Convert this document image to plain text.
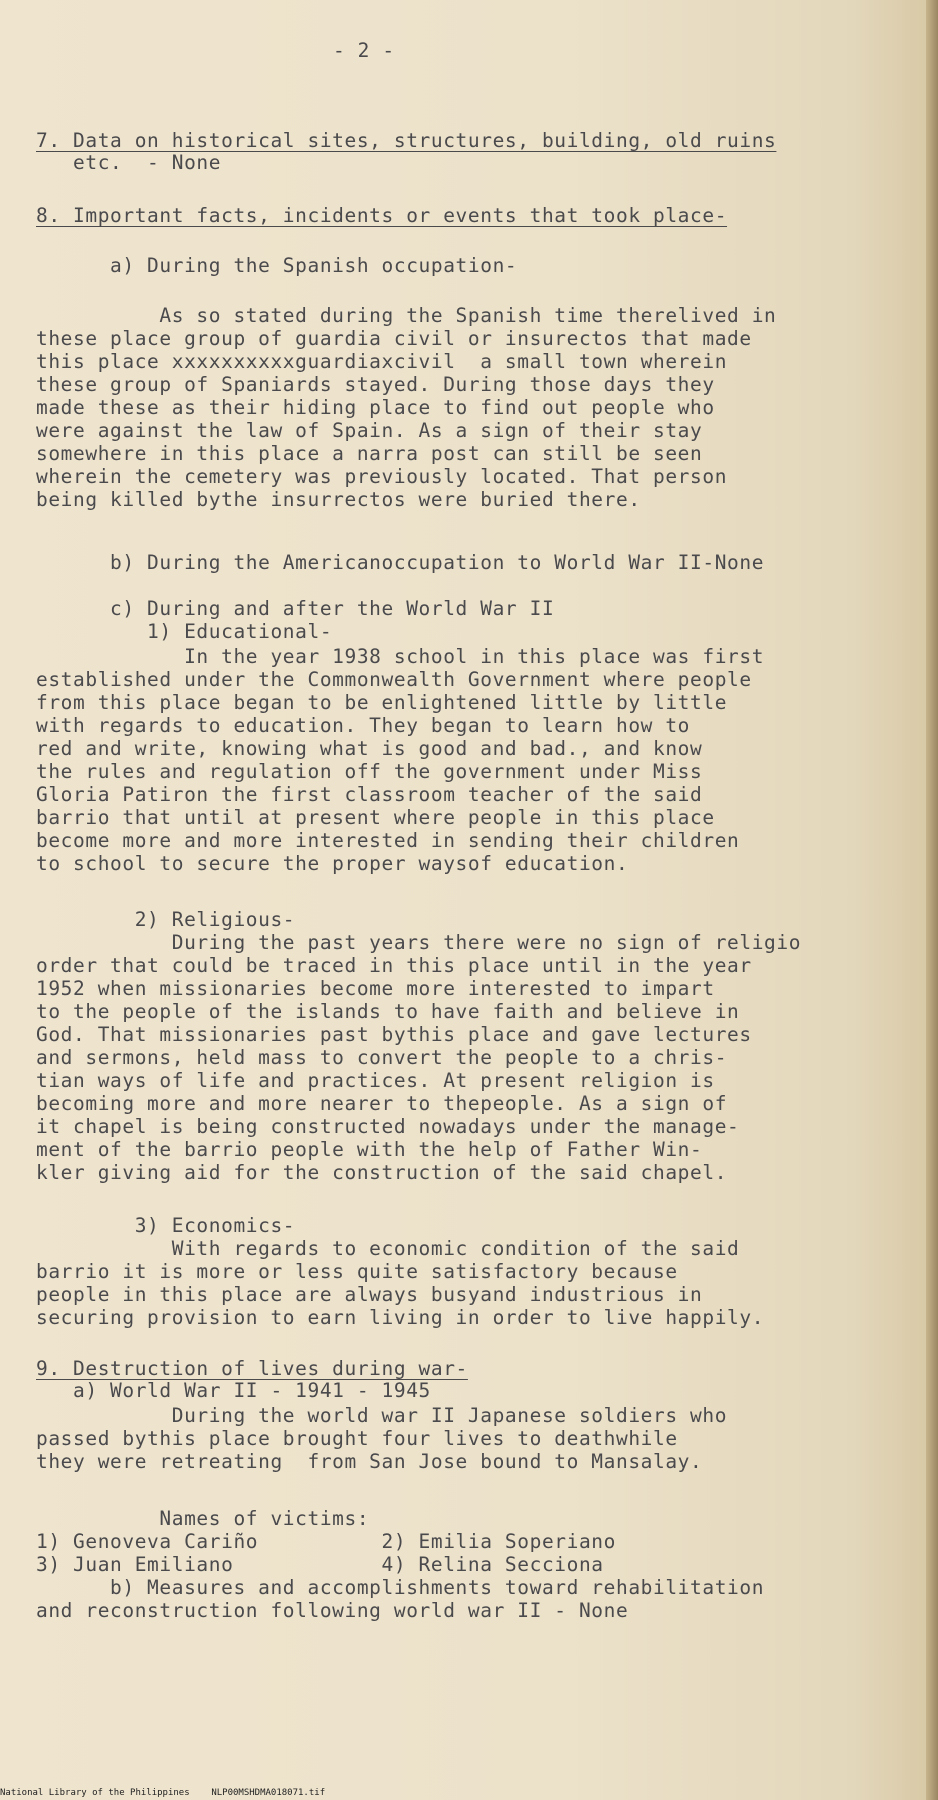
- 2 -
7. Data on historical sites, structures, building, old ruins
etc.  - None
8. Important facts, incidents or events that took place-
a) During the Spanish occupation-
As so stated during the Spanish time therelived in
these place group of guardia civil or insurectos that made
this place xxxxxxxxxxguardiaxcivil  a small town wherein
these group of Spaniards stayed. During those days they
made these as their hiding place to find out people who
were against the law of Spain. As a sign of their stay
somewhere in this place a narra post can still be seen
wherein the cemetery was previously located. That person
being killed bythe insurrectos were buried there.
b) During the Americanoccupation to World War II-None
c) During and after the World War II
1) Educational-
In the year 1938 school in this place was first
established under the Commonwealth Government where people
from this place began to be enlightened little by little
with regards to education. They began to learn how to
red and write, knowing what is good and bad., and know
the rules and regulation off the government under Miss
Gloria Patiron the first classroom teacher of the said
barrio that until at present where people in this place
become more and more interested in sending their children
to school to secure the proper waysof education.
2) Religious-
During the past years there were no sign of religio
order that could be traced in this place until in the year
1952 when missionaries become more interested to impart
to the people of the islands to have faith and believe in
God. That missionaries past bythis place and gave lectures
and sermons, held mass to convert the people to a chris-
tian ways of life and practices. At present religion is
becoming more and more nearer to thepeople. As a sign of
it chapel is being constructed nowadays under the manage-
ment of the barrio people with the help of Father Win-
kler giving aid for the construction of the said chapel.
3) Economics-
With regards to economic condition of the said
barrio it is more or less quite satisfactory because
people in this place are always busyand industrious in
securing provision to earn living in order to live happily.
9. Destruction of lives during war-
a) World War II - 1941 - 1945
During the world war II Japanese soldiers who
passed bythis place brought four lives to deathwhile
they were retreating  from San Jose bound to Mansalay.
Names of victims:
1) Genoveva Cariño          2) Emilia Soperiano
3) Juan Emiliano            4) Relina Secciona
b) Measures and accomplishments toward rehabilitation
and reconstruction following world war II - None
National Library of the Philippines    NLP00MSHDMA018071.tif
